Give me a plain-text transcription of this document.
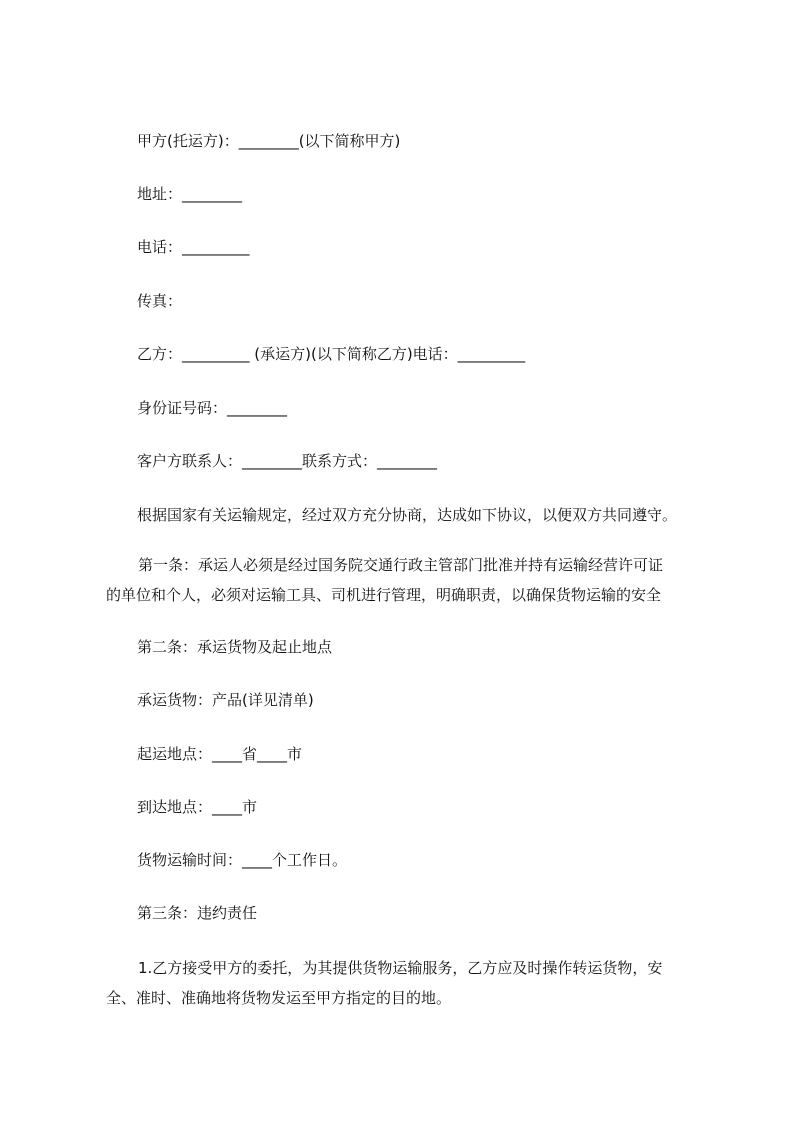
甲方(托运方)：________(以下简称甲方)

地址：________

电话：_________

传真：

乙方：_________ (承运方)(以下简称乙方)电话：_________

身份证号码：________

客户方联系人：________联系方式：________

根据国家有关运输规定，经过双方充分协商，达成如下协议，以便双方共同遵守。

第一条：承运人必须是经过国务院交通行政主管部门批准并持有运输经营许可证
的单位和个人，必须对运输工具、司机进行管理，明确职责，以确保货物运输的安全

第二条：承运货物及起止地点

承运货物：产品(详见清单)

起运地点：____省____市

到达地点：____市

货物运输时间：____个工作日。

第三条：违约责任

1.乙方接受甲方的委托，为其提供货物运输服务，乙方应及时操作转运货物，安
全、准时、准确地将货物发运至甲方指定的目的地。
